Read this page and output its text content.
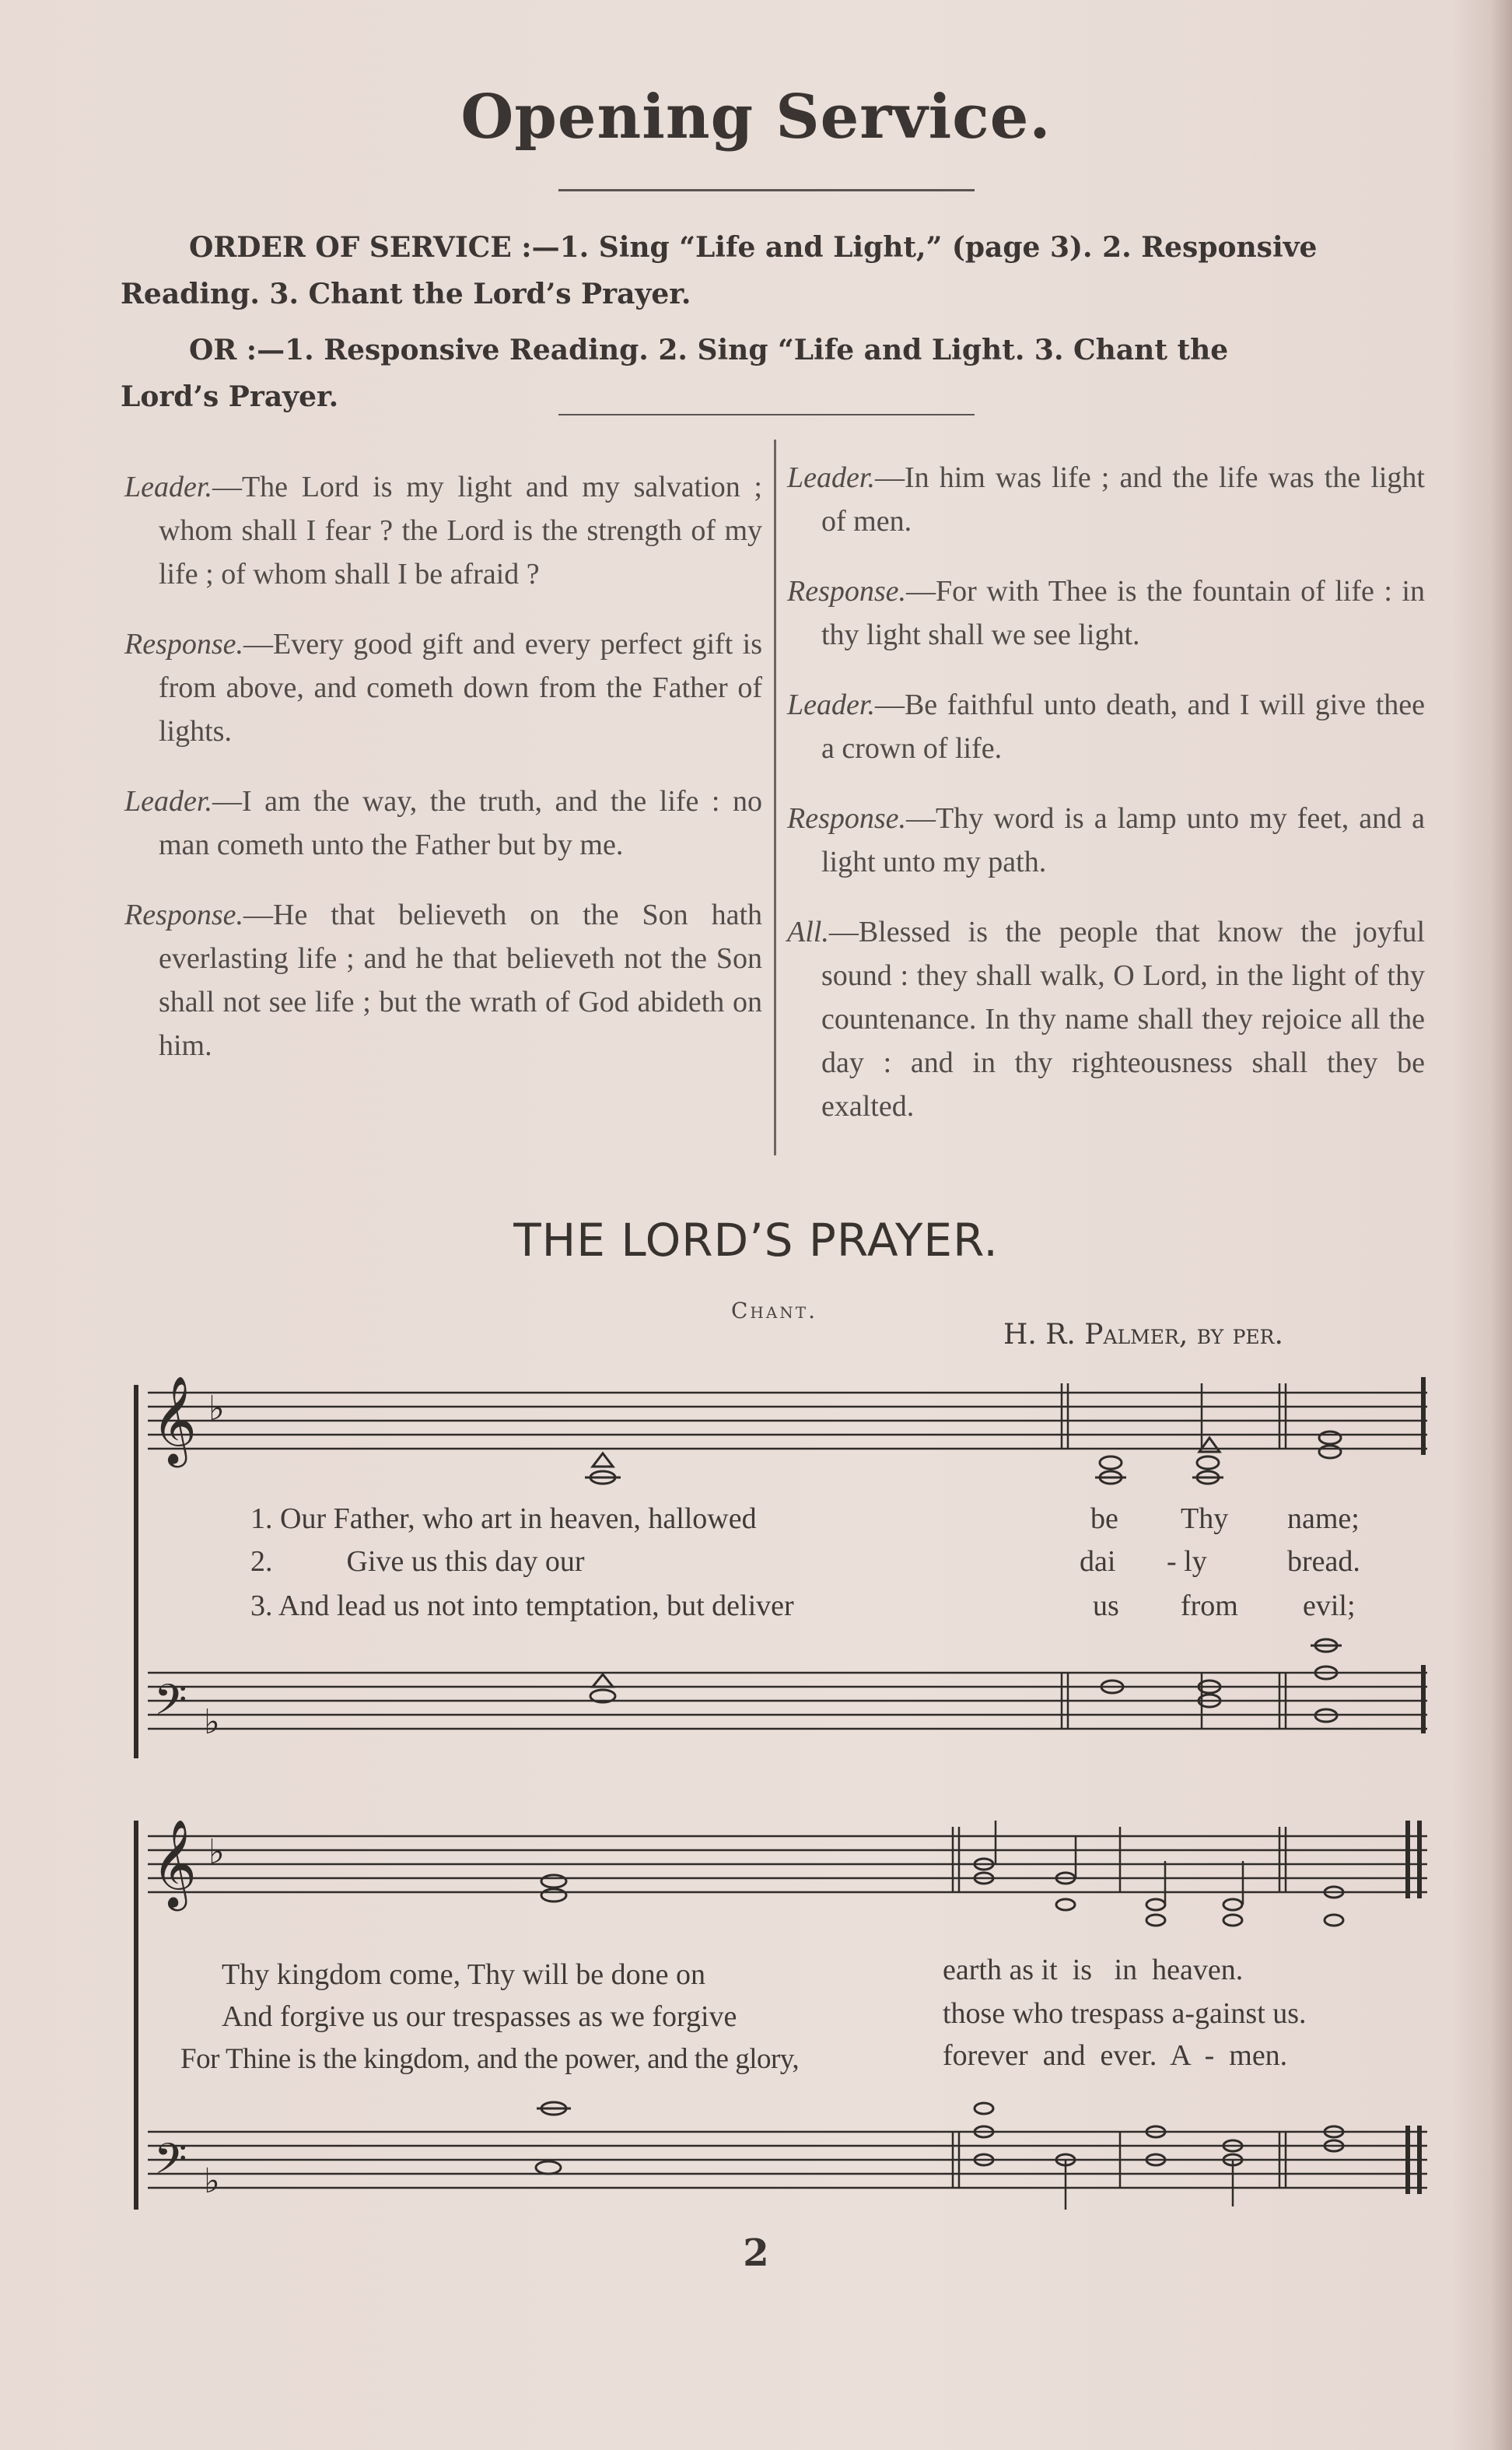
Opening Service.
ORDER OF SERVICE :—1. Sing “Life and Light,” (page 3). 2. Responsive
Reading. 3. Chant the Lord’s Prayer.
OR :—1. Responsive Reading. 2. Sing “Life and Light. 3. Chant the
Lord’s Prayer.
Leader.—The Lord is my light and my salvation ; whom shall I fear ? the Lord is the strength of my life ; of whom shall I be afraid ?
Response.—Every good gift and every perfect gift is from above, and cometh down from the Father of lights.
Leader.—I am the way, the truth, and the life : no man cometh unto the Father but by me.
Response.—He that believeth on the Son hath everlasting life ; and he that believeth not the Son shall not see life ; but the wrath of God abideth on him.
Leader.—In him was life ; and the life was the light of men.
Response.—For with Thee is the fountain of life : in thy light shall we see light.
Leader.—Be faithful unto death, and I will give thee a crown of life.
Response.—Thy word is a lamp unto my feet, and a light unto my path.
All.—Blessed is the people that know the joyful sound : they shall walk, O Lord, in the light of thy countenance. In thy name shall they rejoice all the day : and in thy righteousness shall they be exalted.
THE LORD’S PRAYER.
Chant.
H. R. Palmer, by per.
𝄞
𝄢
𝄞
𝄢
♭
♭
♭
♭
1. Our Father, who art in heaven, hallowed
2.          Give us this day our
3. And lead us not into temptation, but deliver
be Thy name;
dai - ly	bread.
us from evil;
Thy kingdom come, Thy will be done on
And forgive us our trespasses as we forgive
For Thine is the kingdom, and the power, and the glory,
earth as it  is   in  heaven.
those who trespass a-gainst us.
forever  and  ever.  A  -  men.
2
